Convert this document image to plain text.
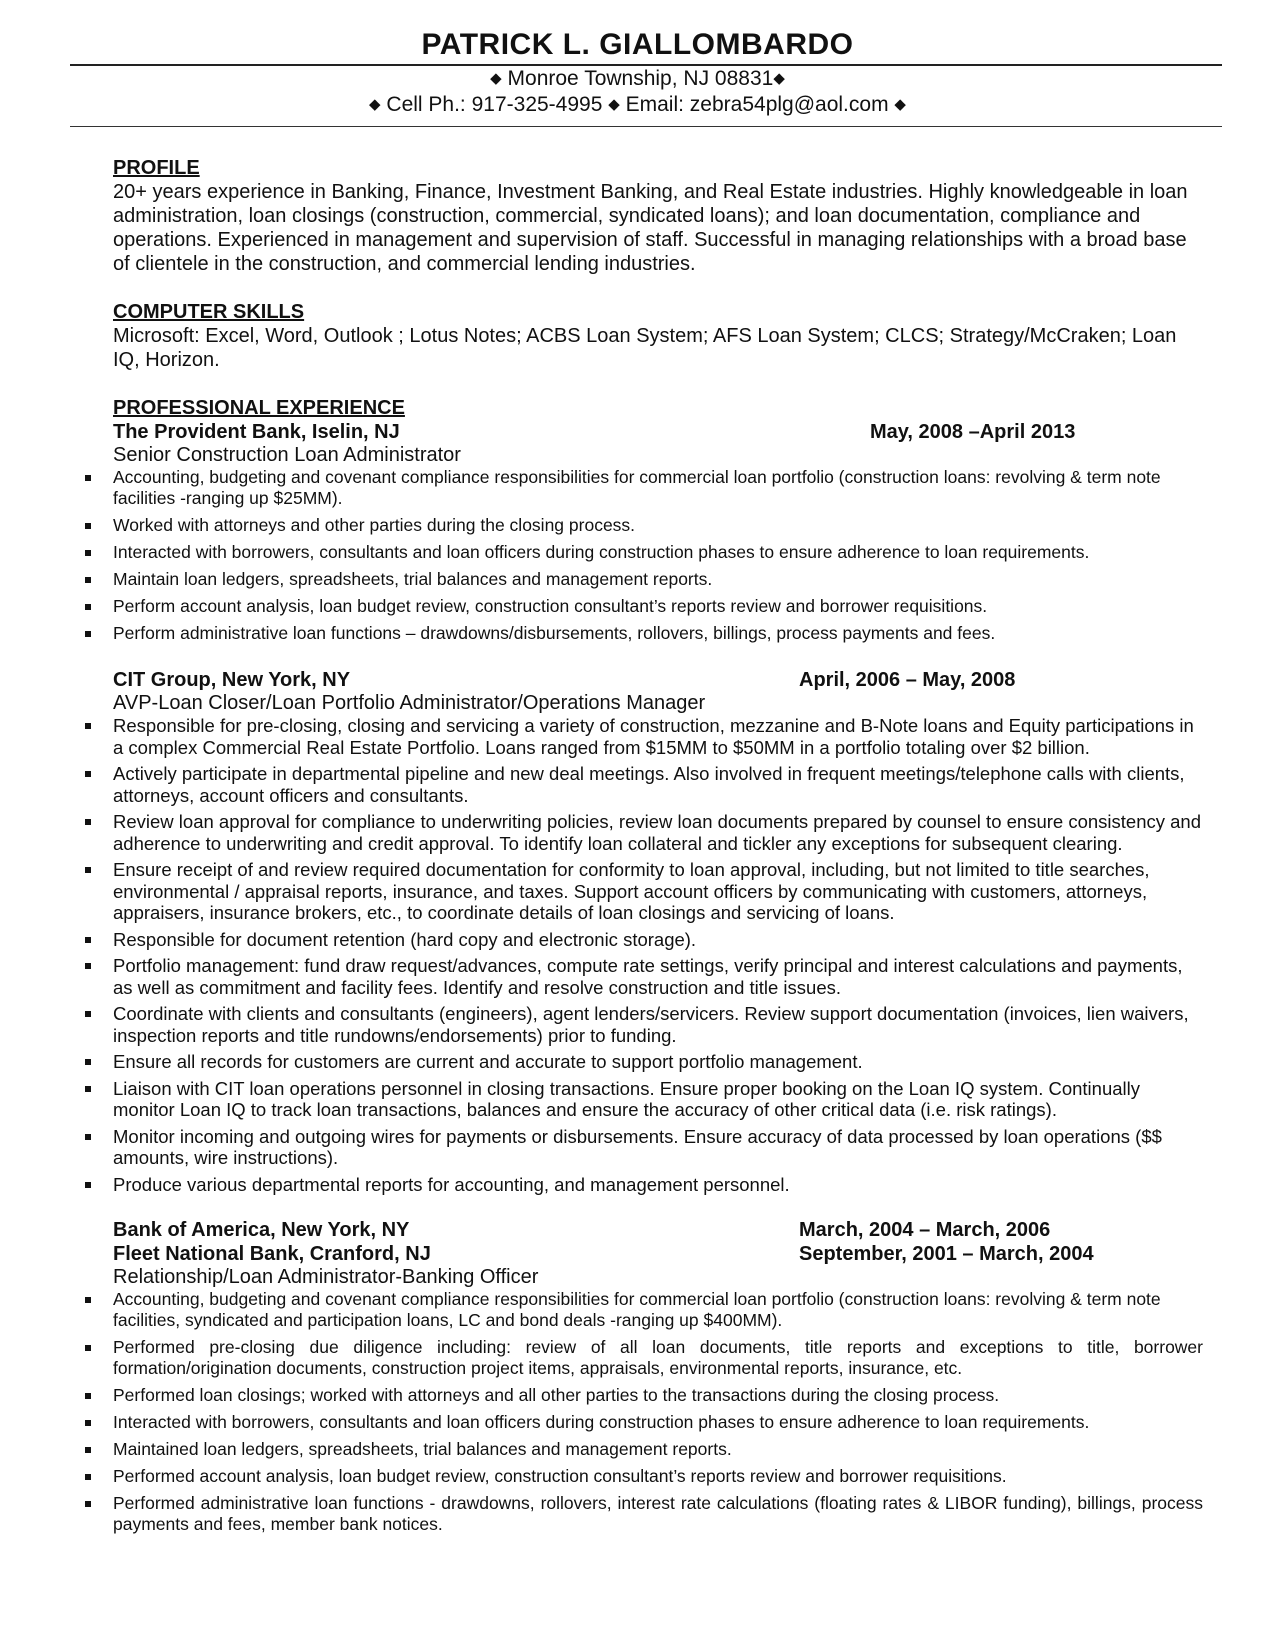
PATRICK L. GIALLOMBARDO
◆ Monroe Township, NJ 08831◆
◆ Cell Ph.: 917-325-4995 ◆ Email: zebra54plg@aol.com ◆
PROFILE
20+ years experience in Banking, Finance, Investment Banking, and Real Estate industries. Highly knowledgeable in loan administration, loan closings (construction, commercial, syndicated loans); and loan documentation, compliance and operations. Experienced in management and supervision of staff. Successful in managing relationships with a broad base of clientele in the construction, and commercial lending industries.
COMPUTER SKILLS
Microsoft: Excel, Word, Outlook ; Lotus Notes; ACBS Loan System; AFS Loan System; CLCS; Strategy/McCraken; Loan IQ, Horizon.
PROFESSIONAL EXPERIENCE
The Provident Bank, Iselin, NJ	May, 2008 –April 2013
Senior Construction Loan Administrator
Accounting, budgeting and covenant compliance responsibilities for commercial loan portfolio (construction loans: revolving & term note facilities -ranging up $25MM).
Worked with attorneys and other parties during the closing process.
Interacted with borrowers, consultants and loan officers during construction phases to ensure adherence to loan requirements.
Maintain loan ledgers, spreadsheets, trial balances and management reports.
Perform account analysis, loan budget review, construction consultant’s reports review and borrower requisitions.
Perform administrative loan functions – drawdowns/disbursements, rollovers, billings, process payments and fees.
CIT Group, New York, NY	April, 2006 – May, 2008
AVP-Loan Closer/Loan Portfolio Administrator/Operations Manager
Responsible for pre-closing, closing and servicing a variety of construction, mezzanine and B-Note loans and Equity participations in a complex Commercial Real Estate Portfolio. Loans ranged from $15MM to $50MM in a portfolio totaling over $2 billion.
Actively participate in departmental pipeline and new deal meetings. Also involved in frequent meetings/telephone calls with clients, attorneys, account officers and consultants.
Review loan approval for compliance to underwriting policies, review loan documents prepared by counsel to ensure consistency and adherence to underwriting and credit approval. To identify loan collateral and tickler any exceptions for subsequent clearing.
Ensure receipt of and review required documentation for conformity to loan approval, including, but not limited to title searches, environmental / appraisal reports, insurance, and taxes. Support account officers by communicating with customers, attorneys, appraisers, insurance brokers, etc., to coordinate details of loan closings and servicing of loans.
Responsible for document retention (hard copy and electronic storage).
Portfolio management: fund draw request/advances, compute rate settings, verify principal and interest calculations and payments, as well as commitment and facility fees. Identify and resolve construction and title issues.
Coordinate with clients and consultants (engineers), agent lenders/servicers. Review support documentation (invoices, lien waivers, inspection reports and title rundowns/endorsements) prior to funding.
Ensure all records for customers are current and accurate to support portfolio management.
Liaison with CIT loan operations personnel in closing transactions. Ensure proper booking on the Loan IQ system. Continually monitor Loan IQ to track loan transactions, balances and ensure the accuracy of other critical data (i.e. risk ratings).
Monitor incoming and outgoing wires for payments or disbursements. Ensure accuracy of data processed by loan operations ($$ amounts, wire instructions).
Produce various departmental reports for accounting, and management personnel.
Bank of America, New York, NY	March, 2004 – March, 2006
Fleet National Bank, Cranford, NJ	September, 2001 – March, 2004
Relationship/Loan Administrator-Banking Officer
Accounting, budgeting and covenant compliance responsibilities for commercial loan portfolio (construction loans: revolving & term note facilities, syndicated and participation loans, LC and bond deals -ranging up $400MM).
Performed pre-closing due diligence including: review of all loan documents, title reports and exceptions to title, borrower formation/origination documents, construction project items, appraisals, environmental reports, insurance, etc.
Performed loan closings; worked with attorneys and all other parties to the transactions during the closing process.
Interacted with borrowers, consultants and loan officers during construction phases to ensure adherence to loan requirements.
Maintained loan ledgers, spreadsheets, trial balances and management reports.
Performed account analysis, loan budget review, construction consultant’s reports review and borrower requisitions.
Performed administrative loan functions - drawdowns, rollovers, interest rate calculations (floating rates & LIBOR funding), billings, process payments and fees, member bank notices.
